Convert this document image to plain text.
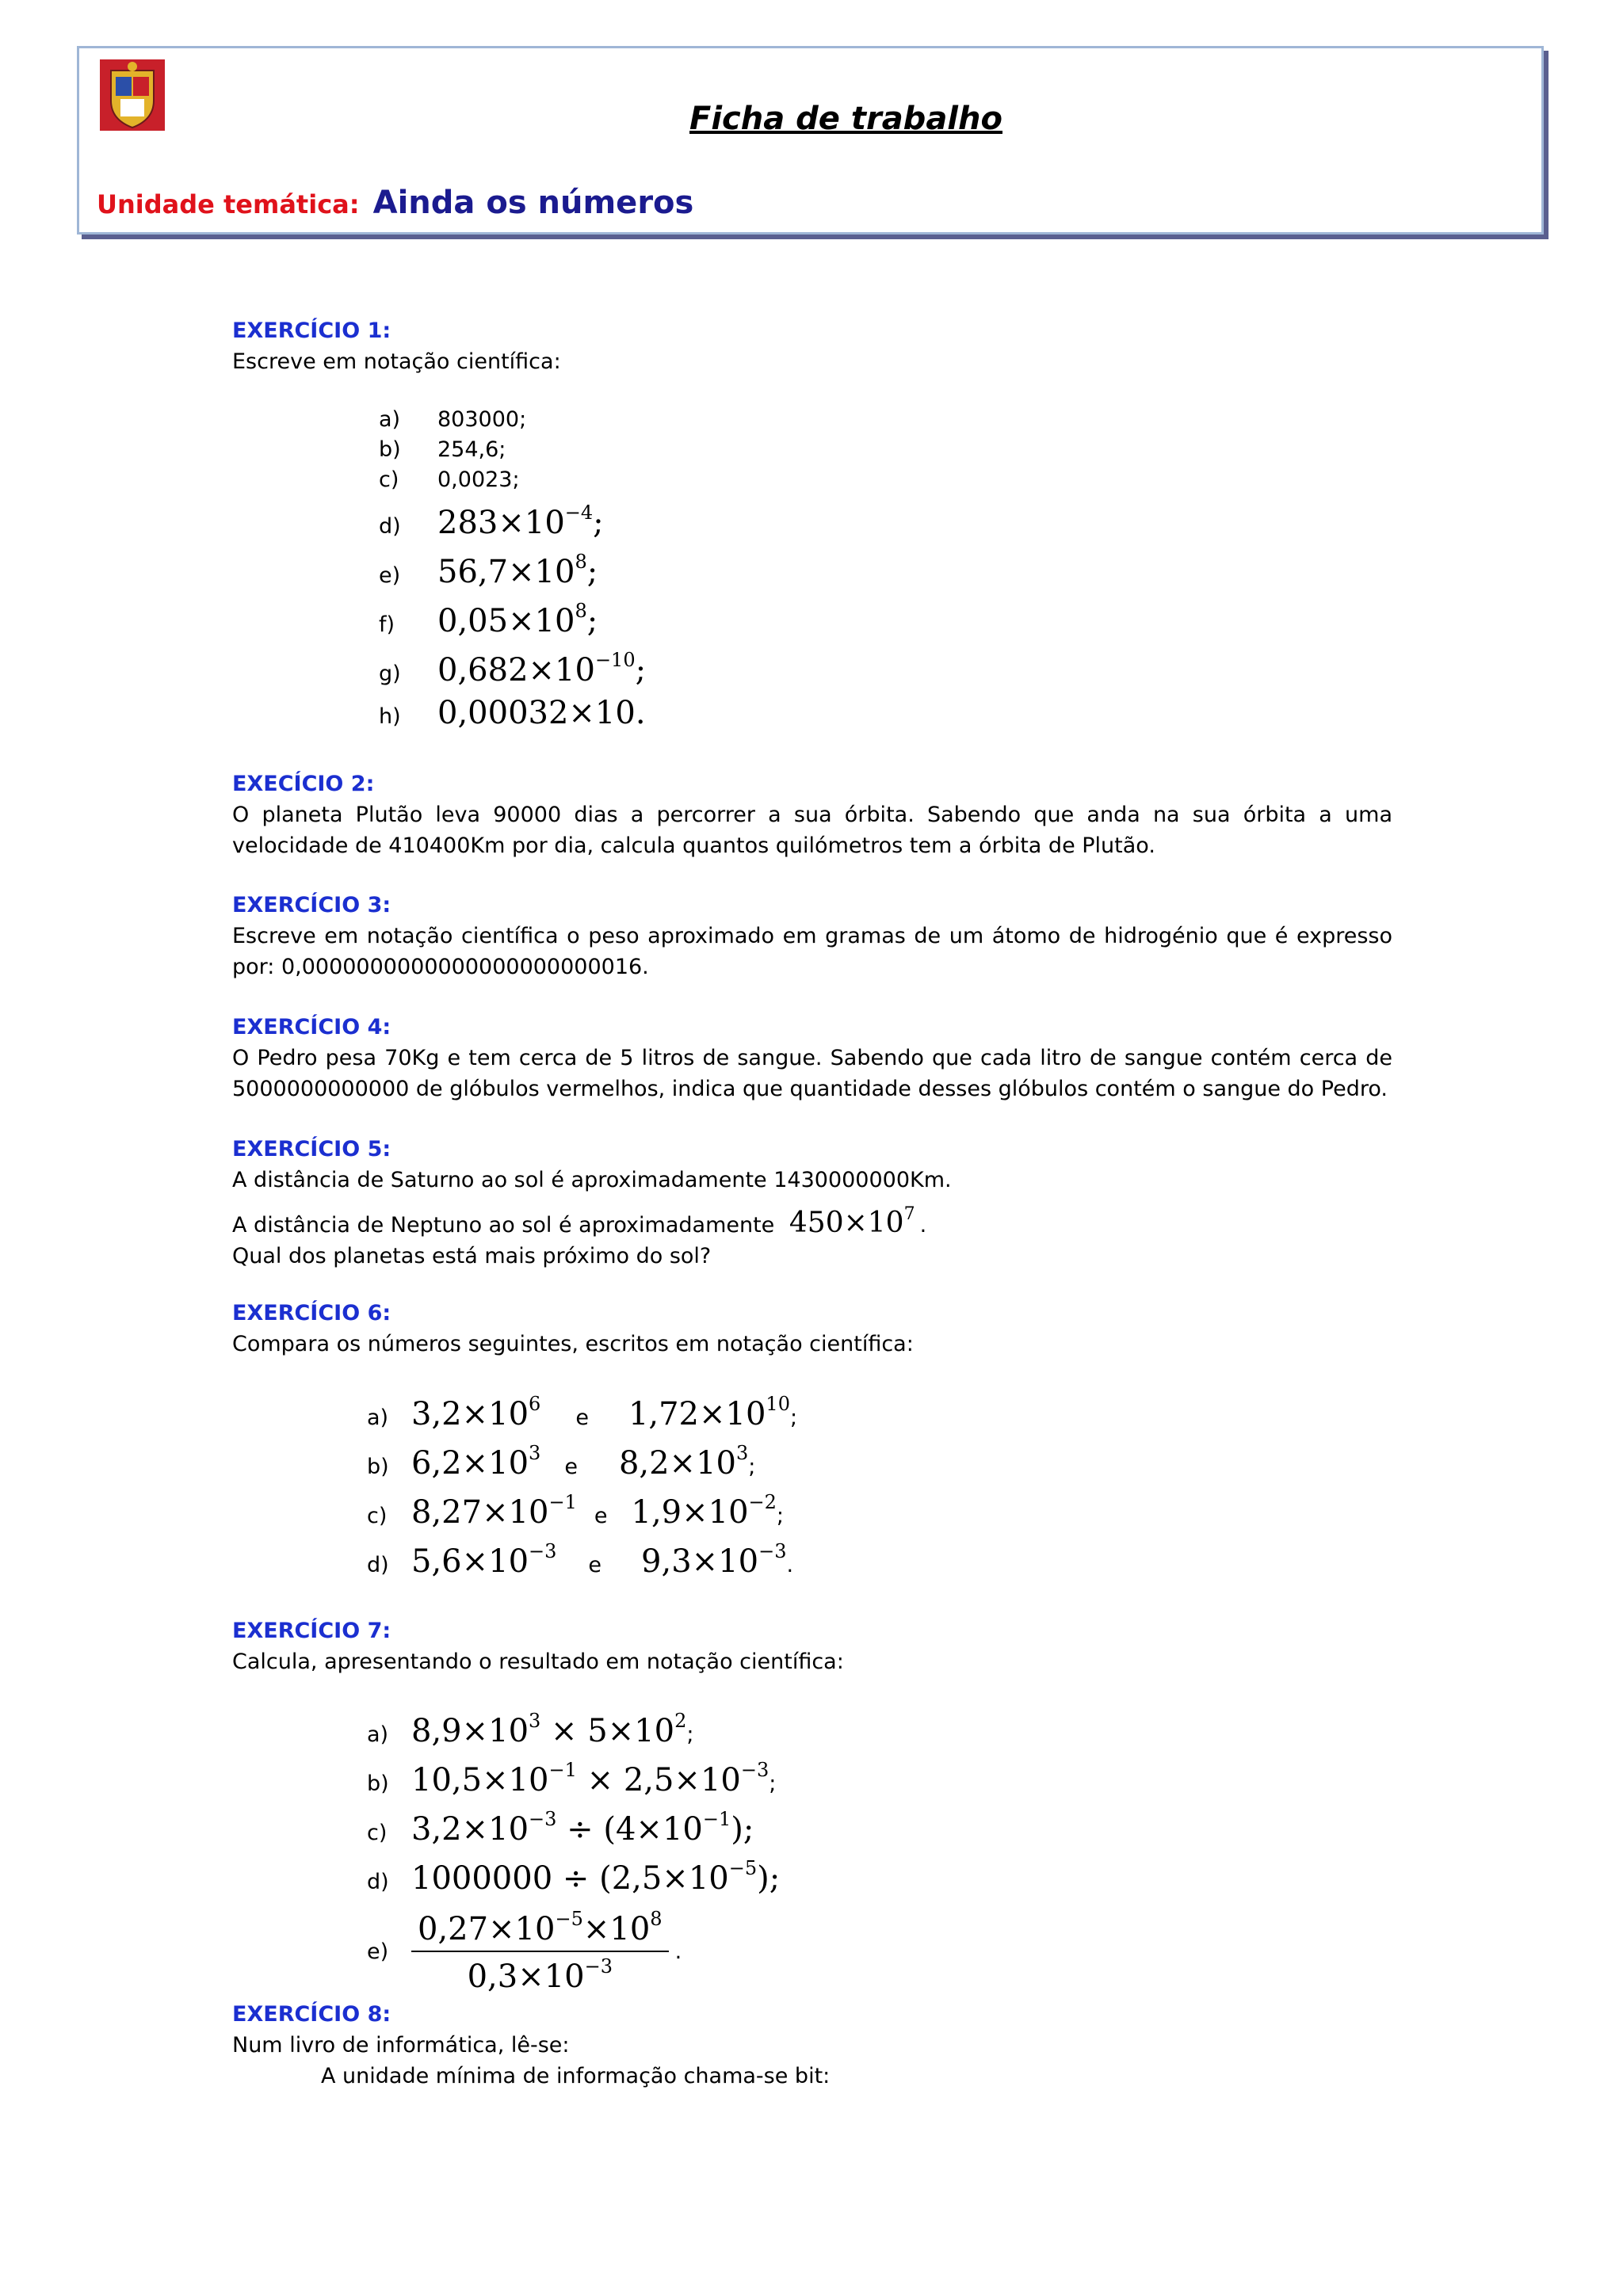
Ficha de trabalho
Unidade temática: Ainda os números
EXERCÍCIO 1:
Escreve em notação científica:
a) 803000;
b) 254,6;
c) 0,0023;
d) $283\times 10^{-4}$;
e) $56,7\times 10^8$;
f) $0,05\times 10^8$;
g) $0,682\times 10^{-10}$;
h) 0,00032×10.
EXECÍCIO 2:
O planeta Plutão leva 90000 dias a percorrer a sua órbita. Sabendo que anda na sua órbita a uma velocidade de 410400Km por dia, calcula quantos quilómetros tem a órbita de Plutão.
EXERCÍCIO 3:
Escreve em notação científica o peso aproximado em gramas de um átomo de hidrogénio que é expresso por: 0,0000000000000000000000016.
EXERCÍCIO 4:
O Pedro pesa 70Kg e tem cerca de 5 litros de sangue. Sabendo que cada litro de sangue contém cerca de 5000000000000 de glóbulos vermelhos, indica que quantidade desses glóbulos contém o sangue do Pedro.
EXERCÍCIO 5:
A distância de Saturno ao sol é aproximadamente 1430000000Km.
A distância de Neptuno ao sol é aproximadamente $450\times 10^7$ .
Qual dos planetas está mais próximo do sol?
EXERCÍCIO 6:
Compara os números seguintes, escritos em notação científica:
a) $3,2\times 10^6e$ $1,72\times 10^{10}$;
b) $6,2\times 10^3e$ $8,2\times 10^3$;
c) $8,27\times 10^{-1}e$ $1,9\times 10^{-2}$;
d) $5,6\times 10^{-3}e$ $9,3\times 10^{-3}$.
EXERCÍCIO 7:
Calcula, apresentando o resultado em notação científica:
a) $8,9\times 10^3 \times 5\times 10^2$;
b) $10,5\times 10^{-1} \times 2,5\times 10^{-3}$;
c) $3,2\times 10^{-3} \div (4\times 10^{-1})$;
d) $1000000 \div (2,5\times 10^{-5})$;
$e) \frac{0,27\times 10^{-5}\times 10^8}{0,3\times 10^{-3}}$ .
EXERCÍCIO 8:
Num livro de informática, lê-se:
A unidade mínima de informação chama-se bit:
